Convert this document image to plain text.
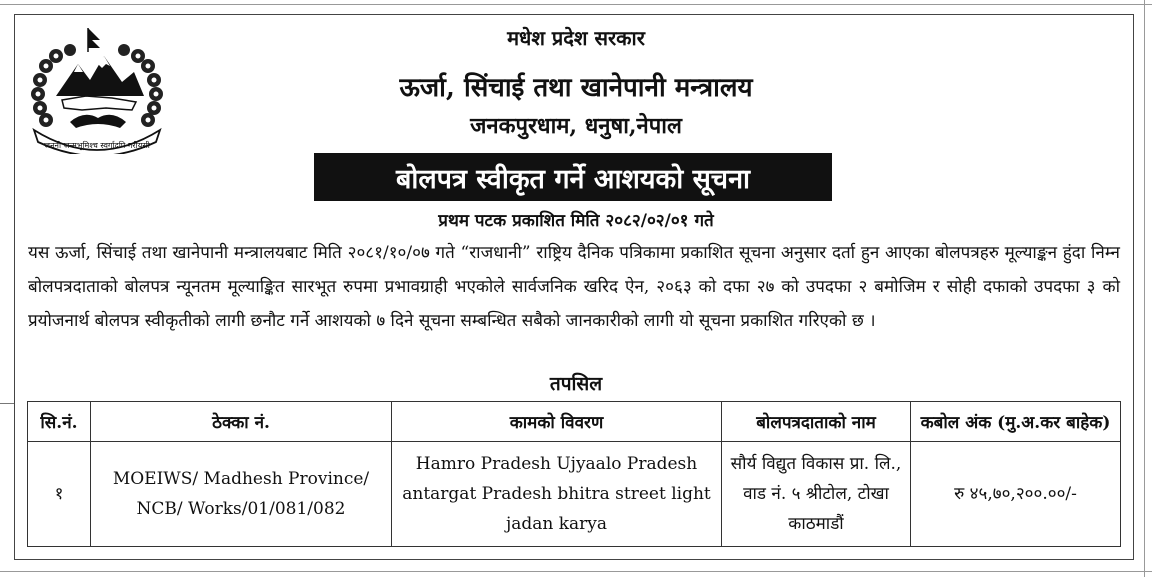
जननी जन्मभूमिश्च स्वर्गादपि गरीयसी
मधेश प्रदेश सरकार
ऊर्जा, सिंचाई तथा खानेपानी मन्त्रालय
जनकपुरधाम, धनुषा,नेपाल
बोलपत्र स्वीकृत गर्ने आशयको सूचना
प्रथम पटक प्रकाशित मिति २०८२/०२/०१ गते
यस ऊर्जा, सिंचाई तथा खानेपानी मन्त्रालयबाट मिति २०८१/१०/०७ गते “राजधानी” राष्ट्रिय दैनिक पत्रिकामा प्रकाशित सूचना अनुसार दर्ता हुन आएका बोलपत्रहरु मूल्याङ्कन हुंदा निम्न बोलपत्रदाताको बोलपत्र न्यूनतम मूल्याङ्कित सारभूत रुपमा प्रभावग्राही भएकोले सार्वजनिक खरिद ऐन, २०६३ को दफा २७ को उपदफा २ बमोजिम र सोही दफाको उपदफा ३ को प्रयोजनार्थ बोलपत्र स्वीकृतीको लागी छनौट गर्ने आशयको ७ दिने सूचना सम्बन्धित सबैको जानकारीको लागी यो सूचना प्रकाशित गरिएको छ ।
तपसिल
सि.नं.	ठेक्का नं.	कामको विवरण	बोलपत्रदाताको नाम	कबोल अंक (मु.अ.कर बाहेक)
१	MOEIWS/ Madhesh Province/ NCB/ Works/01/081/082	Hamro Pradesh Ujyaalo Pradesh antargat Pradesh bhitra street light jadan karya	सौर्य विद्युत विकास प्रा. लि., वाड नं. ५ श्रीटोल, टोखा काठमाडौं	रु ४५,७०,२००.००/-
